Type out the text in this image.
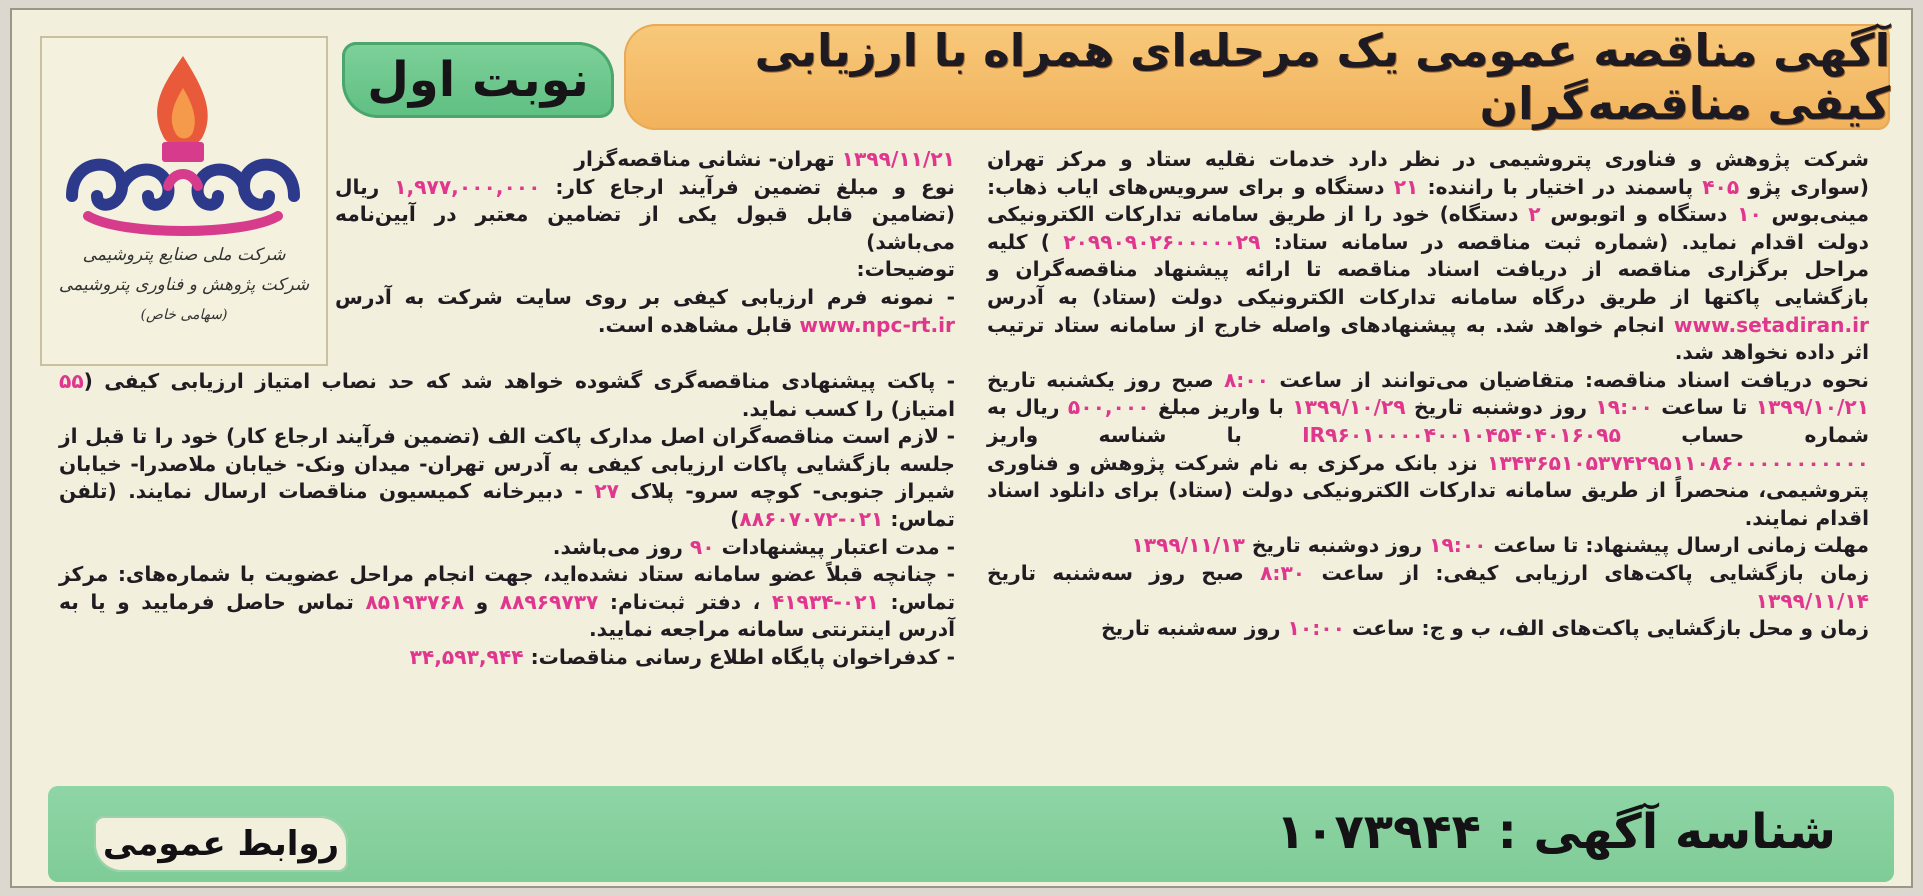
آگهی مناقصه عمومی یک مرحله‌ای همراه با ارزیابی کیفی مناقصه‌گران
نوبت اول
شرکت ملی صنایع پتروشیمی
شرکت پژوهش و فناوری پتروشیمی
(سهامی خاص)

شرکت پژوهش و فناوری پتروشیمی در نظر دارد خدمات نقلیه ستاد و مرکز تهران (سواری پژو ۴۰۵ پاسمند در اختیار با راننده: ۲۱ دستگاه و برای سرویس‌های ایاب ذهاب: مینی‌بوس ۱۰ دستگاه و اتوبوس ۲ دستگاه) خود را از طریق سامانه تدارکات الکترونیکی دولت اقدام نماید. (شماره ثبت مناقصه در سامانه ستاد: ۲۰۹۹۰۹۰۲۶۰۰۰۰۰۲۹ ) کلیه مراحل برگزاری مناقصه از دریافت اسناد مناقصه تا ارائه پیشنهاد مناقصه‌گران و بازگشایی پاکتها از طریق درگاه سامانه تدارکات الکترونیکی دولت (ستاد) به آدرس www.setadiran.ir انجام خواهد شد. به پیشنهادهای واصله خارج از سامانه ستاد ترتیب اثر داده نخواهد شد.

نحوه دریافت اسناد مناقصه: متقاضیان می‌توانند از ساعت ۸:۰۰ صبح روز یکشنبه تاریخ ۱۳۹۹/۱۰/۲۱ تا ساعت ۱۹:۰۰ روز دوشنبه تاریخ ۱۳۹۹/۱۰/۲۹ با واریز مبلغ ۵۰۰,۰۰۰ ریال به شماره حساب IR۹۶۰۱۰۰۰۰۴۰۰۱۰۴۵۴۰۴۰۱۶۰۹۵ با شناسه واریز ۱۳۴۳۶۵۱۰۵۳۷۴۲۹۵۱۱۰۸۶۰۰۰۰۰۰۰۰۰۰۰ نزد بانک مرکزی به نام شرکت پژوهش و فناوری پتروشیمی، منحصراً از طریق سامانه تدارکات الکترونیکی دولت (ستاد) برای دانلود اسناد اقدام نمایند.

مهلت زمانی ارسال پیشنهاد: تا ساعت ۱۹:۰۰ روز دوشنبه تاریخ ۱۳۹۹/۱۱/۱۳

زمان بازگشایی پاکت‌های ارزیابی کیفی: از ساعت ۸:۳۰ صبح روز سه‌شنبه تاریخ ۱۳۹۹/۱۱/۱۴

زمان و محل بازگشایی پاکت‌های الف، ب و ج: ساعت ۱۰:۰۰ روز سه‌شنبه تاریخ

۱۳۹۹/۱۱/۲۱ تهران- نشانی مناقصه‌گزار

نوع و مبلغ تضمین فرآیند ارجاع کار: ۱,۹۷۷,۰۰۰,۰۰۰ ریال (تضامین قابل قبول یکی از تضامین معتبر در آیین‌نامه می‌باشد)

توضیحات:

- نمونه فرم ارزیابی کیفی بر روی سایت شرکت به آدرس www.npc-rt.ir قابل مشاهده است.

- پاکت پیشنهادی مناقصه‌گری گشوده خواهد شد که حد نصاب امتیاز ارزیابی کیفی (۵۵ امتیاز) را کسب نماید.

- لازم است مناقصه‌گران اصل مدارک پاکت الف (تضمین فرآیند ارجاع کار) خود را تا قبل از جلسه بازگشایی پاکات ارزیابی کیفی به آدرس تهران- میدان ونک- خیابان ملاصدرا- خیابان شیراز جنوبی- کوچه سرو- پلاک ۲۷ - دبیرخانه کمیسیون مناقصات ارسال نمایند. (تلفن تماس: ۰۲۱-۸۸۶۰۷۰۷۲)

- مدت اعتبار پیشنهادات ۹۰ روز می‌باشد.

- چنانچه قبلاً عضو سامانه ستاد نشده‌اید، جهت انجام مراحل عضویت با شماره‌های: مرکز تماس: ۰۲۱-۴۱۹۳۴ ، دفتر ثبت‌نام: ۸۸۹۶۹۷۳۷ و ۸۵۱۹۳۷۶۸ تماس حاصل فرمایید و یا به آدرس اینترنتی سامانه مراجعه نمایید.

- کدفراخوان پایگاه اطلاع رسانی مناقصات: ۳۴,۵۹۳,۹۴۴

شناسه آگهی : ۱۰۷۳۹۴۴
روابط عمومی
